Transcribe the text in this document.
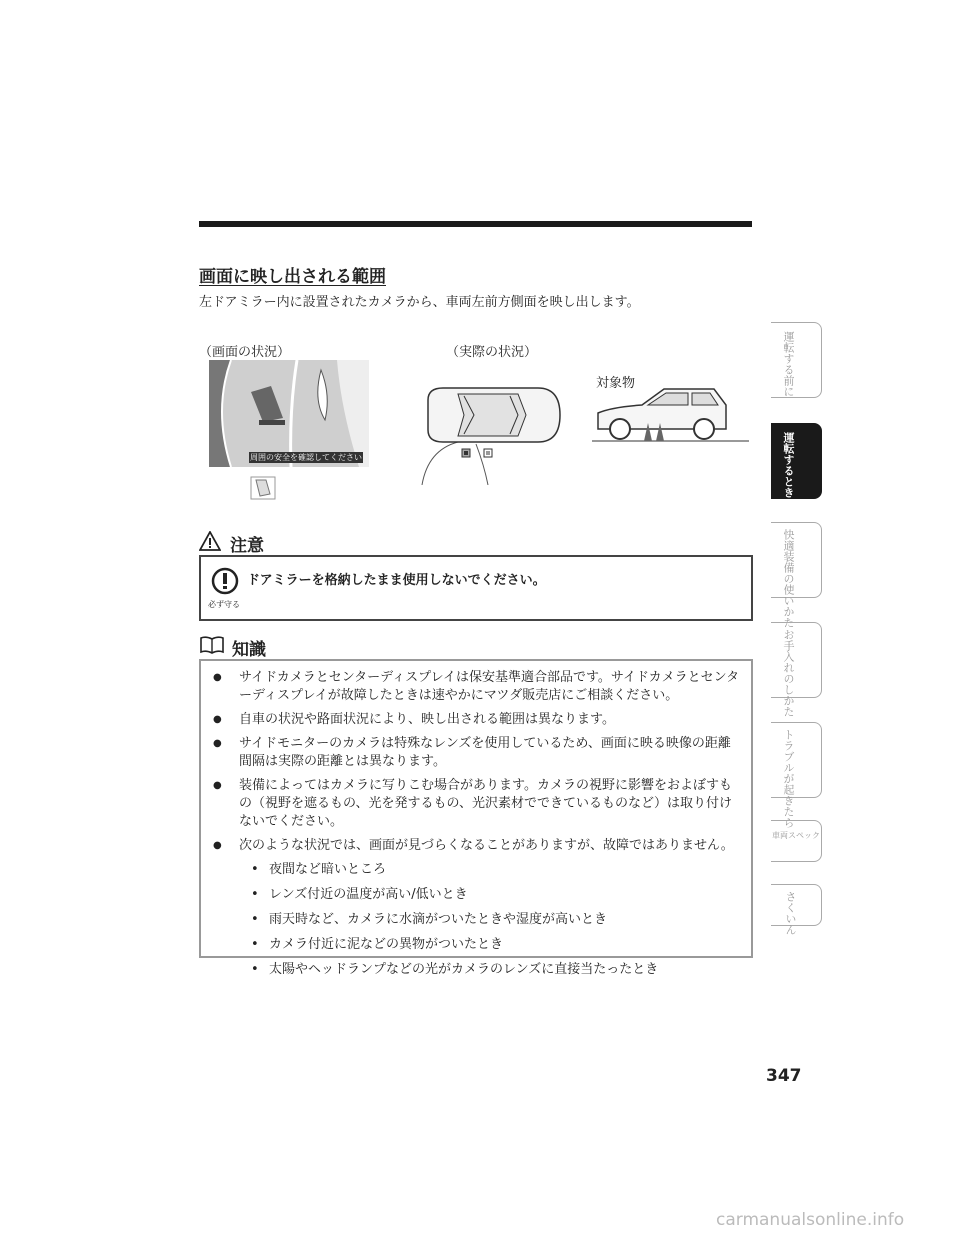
画面に映し出される範囲

左ドアミラー内に設置されたカメラから、車両左前方側面を映し出します。

（画面の状況）	（実際の状況）
対象物
周囲の安全を確認してください
注意
ドアミラーを格納したまま使用しないでください。
必ず守る
知識
● サイドカメラとセンターディスプレイは保安基準適合部品です。サイドカメラとセンターディスプレイが故障したときは速やかにマツダ販売店にご相談ください。
● 自車の状況や路面状況により、映し出される範囲は異なります。
● サイドモニターのカメラは特殊なレンズを使用しているため、画面に映る映像の距離間隔は実際の距離とは異なります。
● 装備によってはカメラに写りこむ場合があります。カメラの視野に影響をおよぼすもの（視野を遮るもの、光を発するもの、光沢素材でできているものなど）は取り付けないでください。
● 次のような状況では、画面が見づらくなることがありますが、故障ではありません。
• 夜間など暗いところ
• レンズ付近の温度が高い/低いとき
• 雨天時など、カメラに水滴がついたときや湿度が高いとき
• カメラ付近に泥などの異物がついたとき
• 太陽やヘッドランプなどの光がカメラのレンズに直接当たったとき
運転する前に
運転するときに
快適装備の使いかた
お手入れのしかた
トラブルが起きたら
車両スペック
さくいん
347
carmanualsonline.info
